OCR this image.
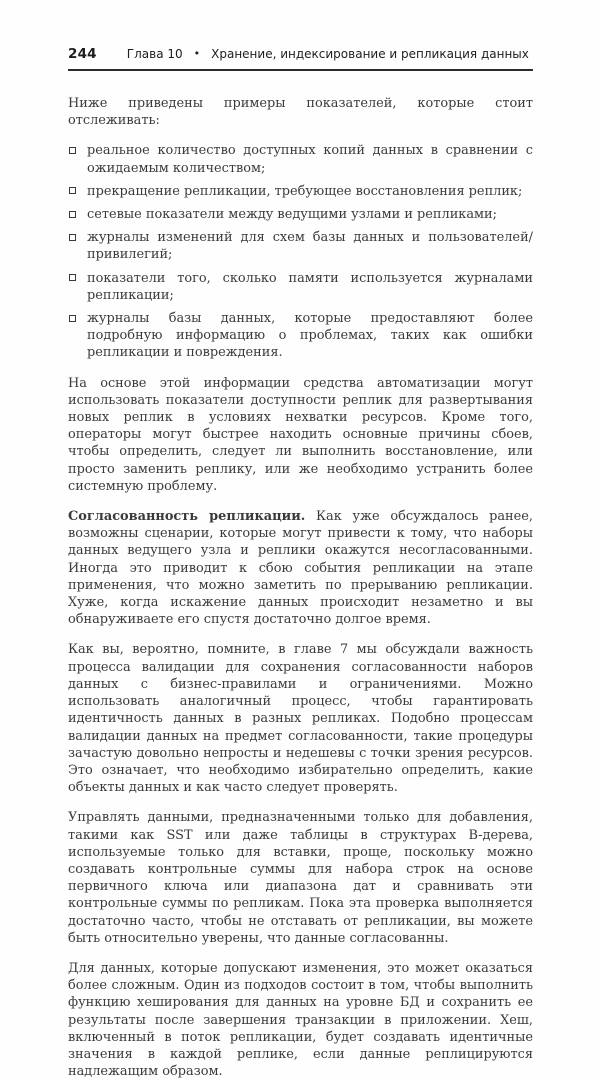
244	Глава 10 • Хранение, индексирование и репликация данных

Ниже приведены примеры показателей, которые стоит отслеживать:

реальное количество доступных копий данных в сравнении с ожидаемым количеством;
прекращение репликации, требующее восстановления реплик;
сетевые показатели между ведущими узлами и репликами;
журналы изменений для схем базы данных и пользователей/привилегий;
показатели того, сколько памяти используется журналами репликации;
журналы базы данных, которые предоставляют более подробную информацию о проблемах, таких как ошибки репликации и повреждения.

На основе этой информации средства автоматизации могут использовать показатели доступности реплик для развертывания новых реплик в условиях нехватки ресурсов. Кроме того, операторы могут быстрее находить основные причины сбоев, чтобы определить, следует ли выполнить восстановление, или просто заменить реплику, или же необходимо устранить более системную проблему.

Согласованность репликации. Как уже обсуждалось ранее, возможны сценарии, которые могут привести к тому, что наборы данных ведущего узла и реплики окажутся несогласованными. Иногда это приводит к сбою события репликации на этапе применения, что можно заметить по прерыванию репликации. Хуже, когда искажение данных происходит незаметно и вы обнаруживаете его спустя достаточно долгое время.

Как вы, вероятно, помните, в главе 7 мы обсуждали важность процесса валидации для сохранения согласованности наборов данных с бизнес-правилами и ограничениями. Можно использовать аналогичный процесс, чтобы гарантировать идентичность данных в разных репликах. Подобно процессам валидации данных на предмет согласованности, такие процедуры зачастую довольно непросты и недешевы с точки зрения ресурсов. Это означает, что необходимо избирательно определить, какие объекты данных и как часто следует проверять.

Управлять данными, предназначенными только для добавления, такими как SST или даже таблицы в структурах B-дерева, используемые только для вставки, проще, поскольку можно создавать контрольные суммы для набора строк на основе первичного ключа или диапазона дат и сравнивать эти контрольные суммы по репликам. Пока эта проверка выполняется достаточно часто, чтобы не отставать от репликации, вы можете быть относительно уверены, что данные согласованны.

Для данных, которые допускают изменения, это может оказаться более сложным. Один из подходов состоит в том, чтобы выполнить функцию хеширования для данных на уровне БД и сохранить ее результаты после завершения транзакции в приложении. Хеш, включенный в поток репликации, будет создавать идентичные значения в каждой реплике, если данные реплицируются надлежащим образом.
